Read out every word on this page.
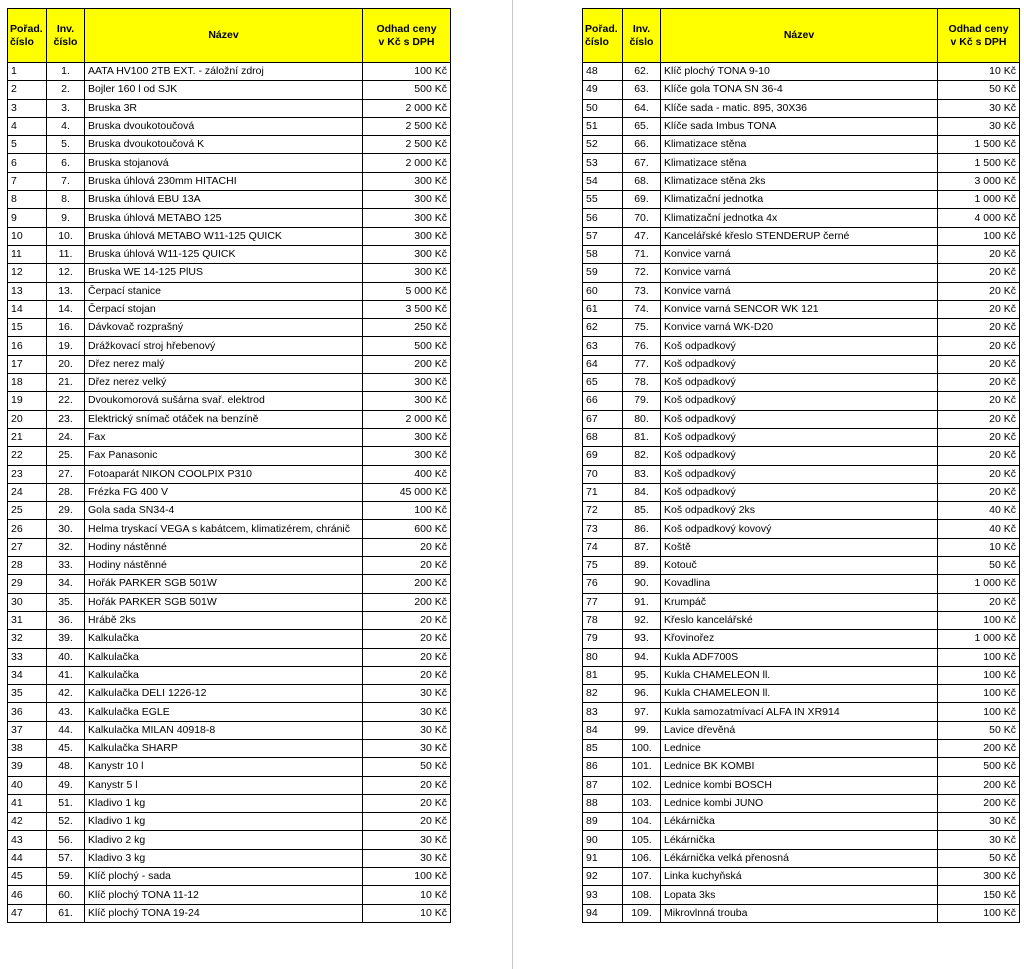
Pořad.
číslo	Inv.
číslo	Název	Odhad ceny
v Kč s DPH

1	1.	AATA HV100 2TB EXT. - záložní zdroj	100 Kč
2	2.	Bojler 160 l od SJK	500 Kč
3	3.	Bruska 3R	2 000 Kč
4	4.	Bruska dvoukotoučová	2 500 Kč
5	5.	Bruska dvoukotoučová K	2 500 Kč
6	6.	Bruska stojanová	2 000 Kč
7	7.	Bruska úhlová 230mm HITACHI	300 Kč
8	8.	Bruska úhlová EBU 13A	300 Kč
9	9.	Bruska úhlová METABO 125	300 Kč
10	10.	Bruska úhlová METABO W11-125 QUICK	300 Kč
11	11.	Bruska úhlová W11-125 QUICK	300 Kč
12	12.	Bruska WE 14-125 PlUS	300 Kč
13	13.	Čerpací stanice	5 000 Kč
14	14.	Čerpací stojan	3 500 Kč
15	16.	Dávkovač rozprašný	250 Kč
16	19.	Drážkovací stroj hřebenový	500 Kč
17	20.	Dřez nerez malý	200 Kč
18	21.	Dřez nerez velký	300 Kč
19	22.	Dvoukomorová sušárna svař. elektrod	300 Kč
20	23.	Elektrický snímač otáček na benzíně	2 000 Kč
21	24.	Fax	300 Kč
22	25.	Fax Panasonic	300 Kč
23	27.	Fotoaparát NIKON COOLPIX P310	400 Kč
24	28.	Frézka FG 400 V	45 000 Kč
25	29.	Gola sada SN34-4	100 Kč
26	30.	Helma tryskací VEGA s kabátcem, klimatizérem, chránič	600 Kč
27	32.	Hodiny nástěnné	20 Kč
28	33.	Hodiny nástěnné	20 Kč
29	34.	Hořák PARKER SGB 501W	200 Kč
30	35.	Hořák PARKER SGB 501W	200 Kč
31	36.	Hrábě 2ks	20 Kč
32	39.	Kalkulačka	20 Kč
33	40.	Kalkulačka	20 Kč
34	41.	Kalkulačka	20 Kč
35	42.	Kalkulačka DELI 1226-12	30 Kč
36	43.	Kalkulačka EGLE	30 Kč
37	44.	Kalkulačka MILAN 40918-8	30 Kč
38	45.	Kalkulačka SHARP	30 Kč
39	48.	Kanystr 10 l	50 Kč
40	49.	Kanystr 5 l	20 Kč
41	51.	Kladivo 1 kg	20 Kč
42	52.	Kladivo 1 kg	20 Kč
43	56.	Kladivo 2 kg	30 Kč
44	57.	Kladivo 3 kg	30 Kč
45	59.	Klíč plochý - sada	100 Kč
46	60.	Klíč plochý TONA 11-12	10 Kč
47	61.	Klíč plochý TONA 19-24	10 Kč
Pořad.
číslo	Inv.
číslo	Název	Odhad ceny
v Kč s DPH

48	62.	Klíč plochý TONA 9-10	10 Kč
49	63.	Klíče gola TONA SN 36-4	50 Kč
50	64.	Klíče sada - matic. 895, 30X36	30 Kč
51	65.	Klíče sada Imbus TONA	30 Kč
52	66.	Klimatizace stěna	1 500 Kč
53	67.	Klimatizace stěna	1 500 Kč
54	68.	Klimatizace stěna 2ks	3 000 Kč
55	69.	Klimatizační jednotka	1 000 Kč
56	70.	Klimatizační jednotka 4x	4 000 Kč
57	47.	Kancelářské křeslo STENDERUP černé	100 Kč
58	71.	Konvice varná	20 Kč
59	72.	Konvice varná	20 Kč
60	73.	Konvice varná	20 Kč
61	74.	Konvice varná SENCOR WK 121	20 Kč
62	75.	Konvice varná WK-D20	20 Kč
63	76.	Koš odpadkový	20 Kč
64	77.	Koš odpadkový	20 Kč
65	78.	Koš odpadkový	20 Kč
66	79.	Koš odpadkový	20 Kč
67	80.	Koš odpadkový	20 Kč
68	81.	Koš odpadkový	20 Kč
69	82.	Koš odpadkový	20 Kč
70	83.	Koš odpadkový	20 Kč
71	84.	Koš odpadkový	20 Kč
72	85.	Koš odpadkový 2ks	40 Kč
73	86.	Koš odpadkový kovový	40 Kč
74	87.	Koště	10 Kč
75	89.	Kotouč	50 Kč
76	90.	Kovadlina	1 000 Kč
77	91.	Krumpáč	20 Kč
78	92.	Křeslo kancelářské	100 Kč
79	93.	Křovinořez	1 000 Kč
80	94.	Kukla ADF700S	100 Kč
81	95.	Kukla CHAMELEON ll.	100 Kč
82	96.	Kukla CHAMELEON ll.	100 Kč
83	97.	Kukla samozatmívací ALFA IN XR914	100 Kč
84	99.	Lavice dřevěná	50 Kč
85	100.	Lednice	200 Kč
86	101.	Lednice BK KOMBI	500 Kč
87	102.	Lednice kombi BOSCH	200 Kč
88	103.	Lednice kombi JUNO	200 Kč
89	104.	Lékárnička	30 Kč
90	105.	Lékárnička	30 Kč
91	106.	Lékárnička velká přenosná	50 Kč
92	107.	Linka kuchyňská	300 Kč
93	108.	Lopata 3ks	150 Kč
94	109.	Mikrovlnná trouba	100 Kč
